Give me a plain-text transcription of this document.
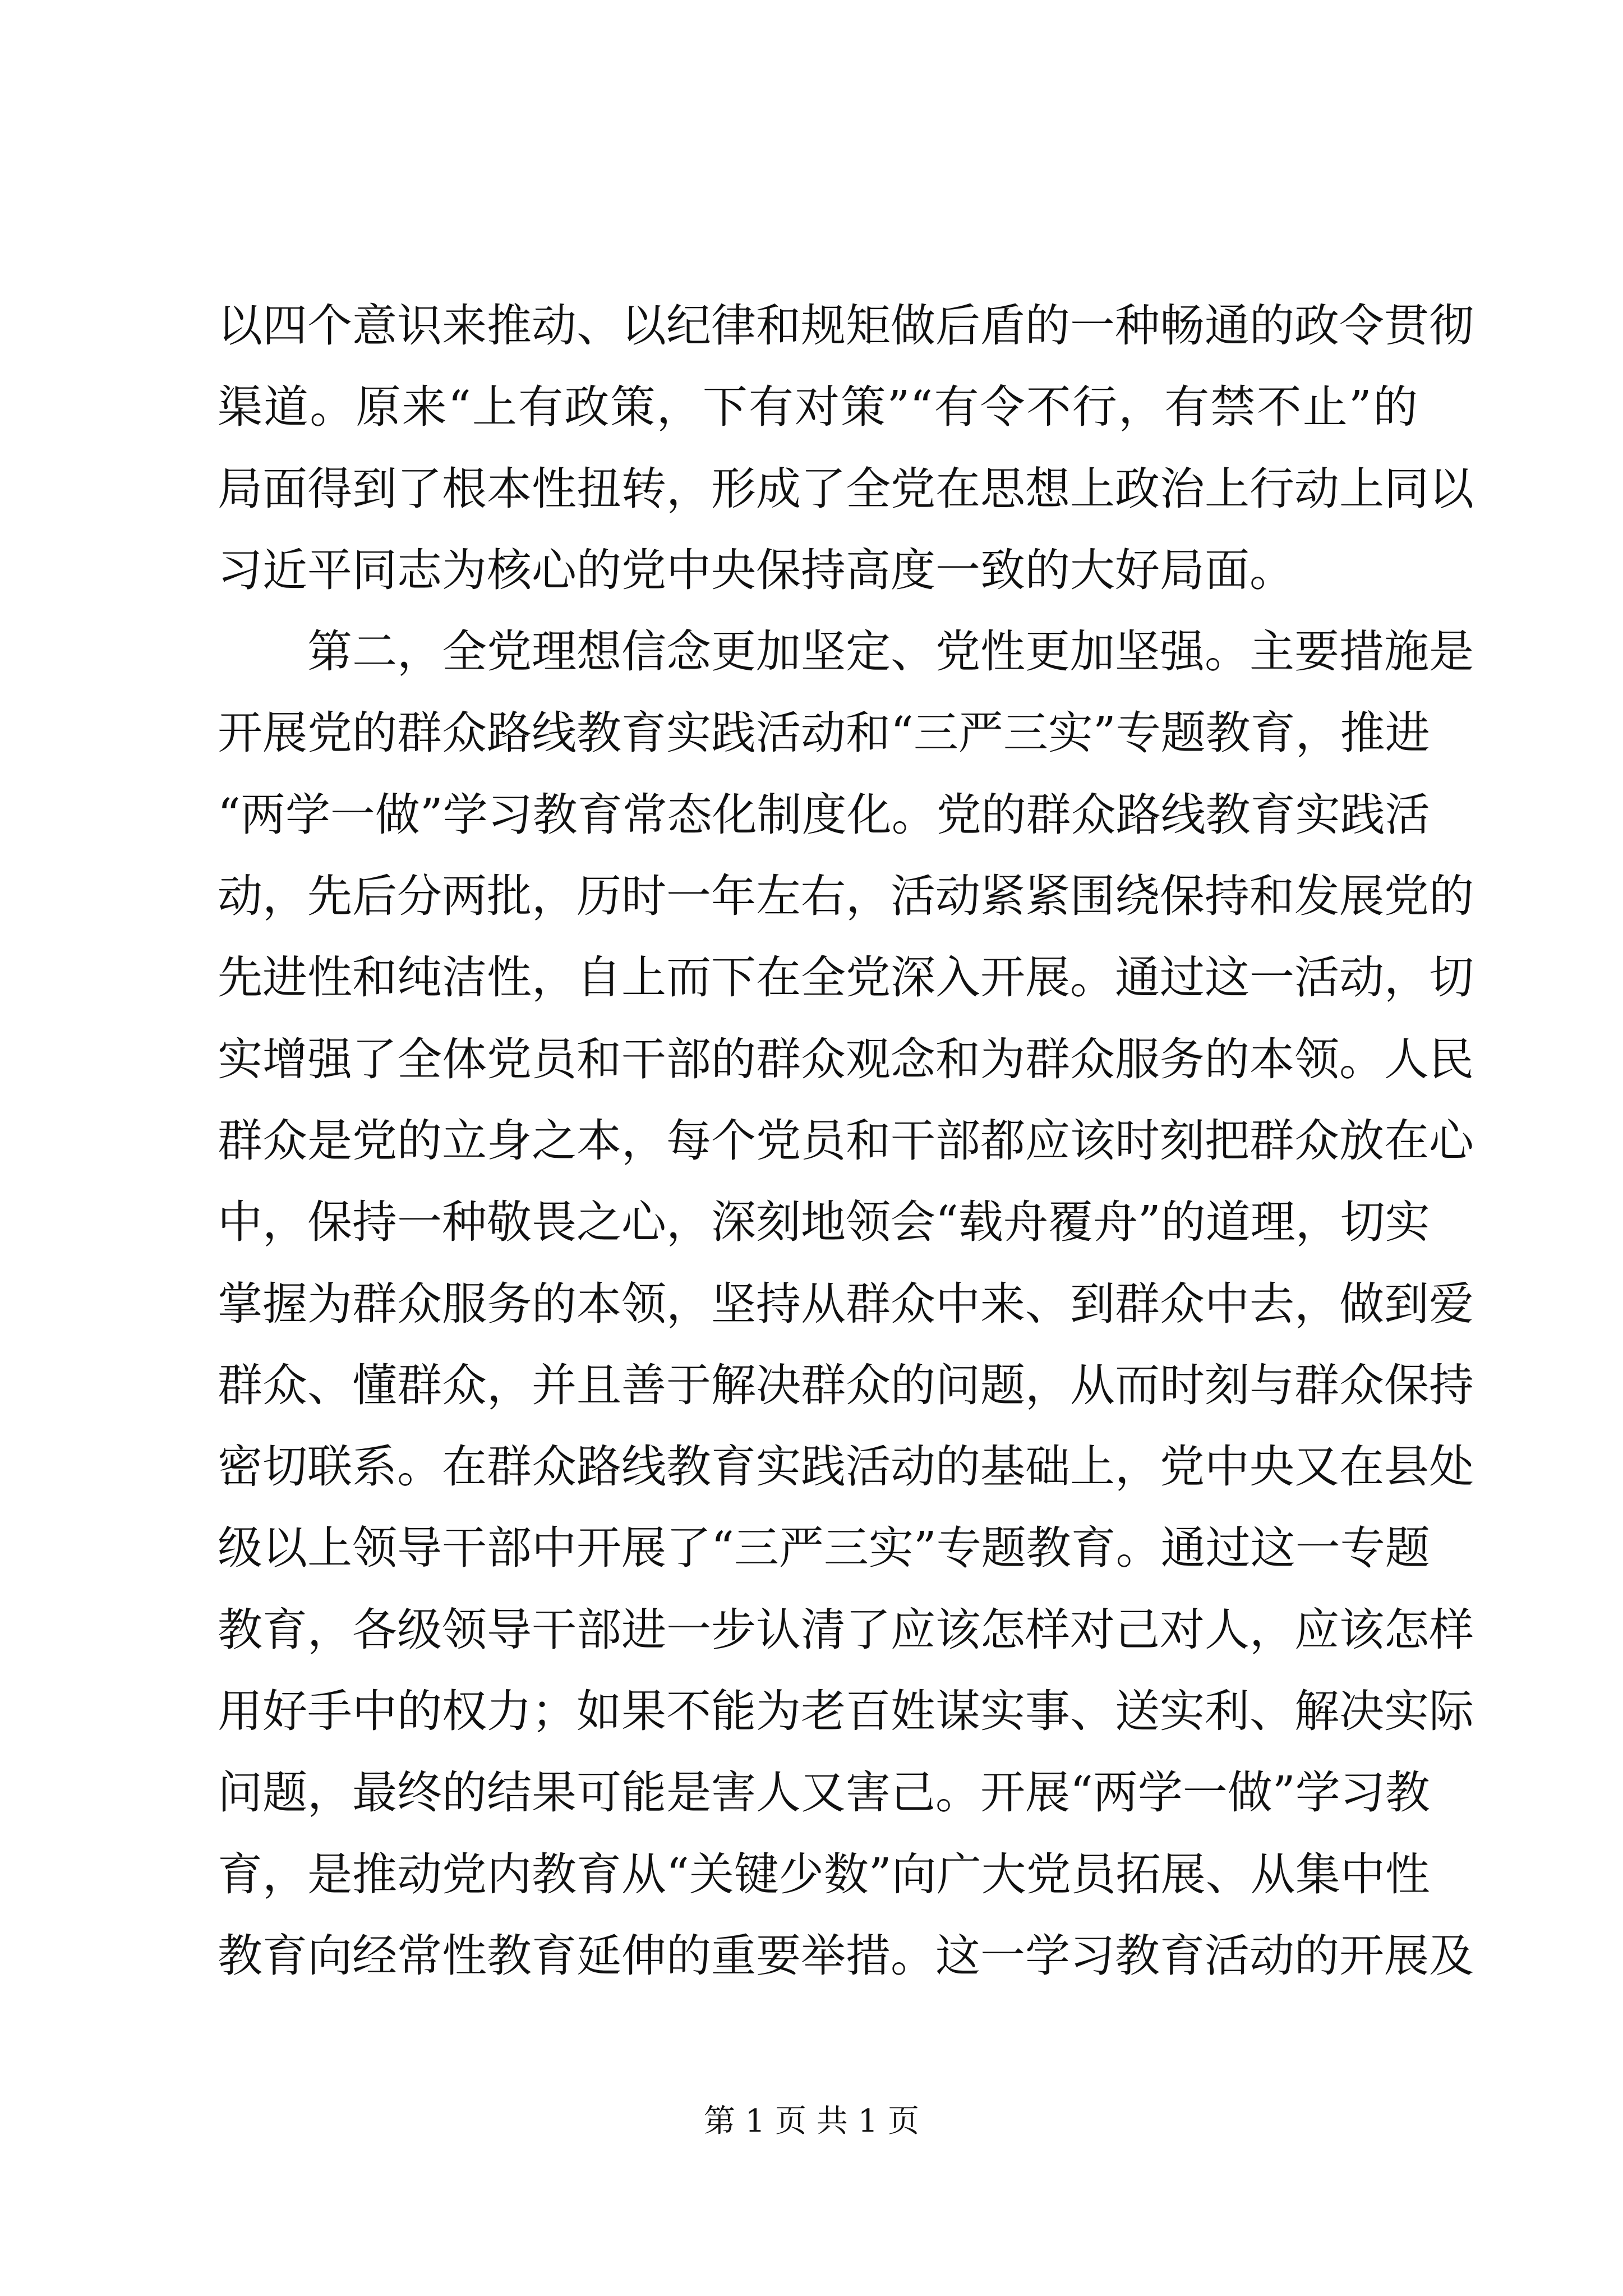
以四个意识来推动、以纪律和规矩做后盾的一种畅通的政令贯彻
渠道。原来“上有政策，下有对策”“有令不行，有禁不止”的
局面得到了根本性扭转，形成了全党在思想上政治上行动上同以
习近平同志为核心的党中央保持高度一致的大好局面。
　　第二，全党理想信念更加坚定、党性更加坚强。主要措施是
开展党的群众路线教育实践活动和“三严三实”专题教育，推进
“两学一做”学习教育常态化制度化。党的群众路线教育实践活
动，先后分两批，历时一年左右，活动紧紧围绕保持和发展党的
先进性和纯洁性，自上而下在全党深入开展。通过这一活动，切
实增强了全体党员和干部的群众观念和为群众服务的本领。人民
群众是党的立身之本，每个党员和干部都应该时刻把群众放在心
中，保持一种敬畏之心，深刻地领会“载舟覆舟”的道理，切实
掌握为群众服务的本领，坚持从群众中来、到群众中去，做到爱
群众、懂群众，并且善于解决群众的问题，从而时刻与群众保持
密切联系。在群众路线教育实践活动的基础上，党中央又在县处
级以上领导干部中开展了“三严三实”专题教育。通过这一专题
教育，各级领导干部进一步认清了应该怎样对己对人，应该怎样
用好手中的权力；如果不能为老百姓谋实事、送实利、解决实际
问题，最终的结果可能是害人又害己。开展“两学一做”学习教
育，是推动党内教育从“关键少数”向广大党员拓展、从集中性
教育向经常性教育延伸的重要举措。这一学习教育活动的开展及
第 1 页 共 1 页
